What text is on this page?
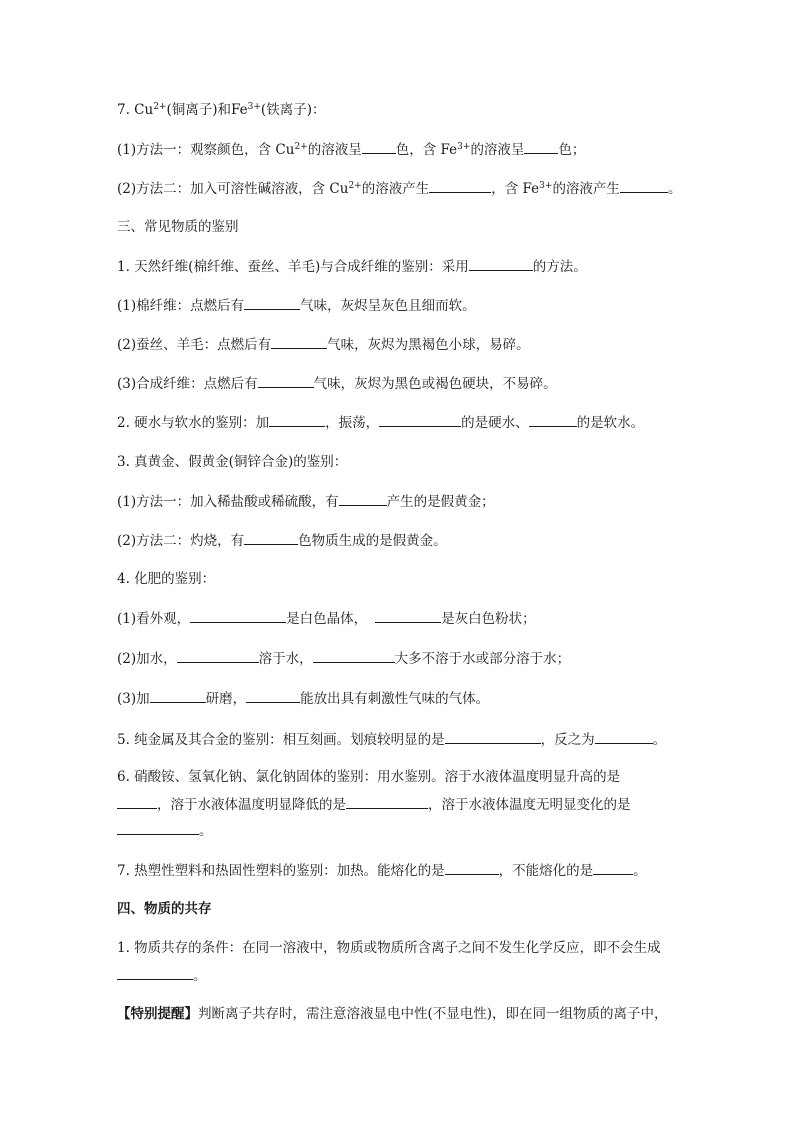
7. $Cu^{2+}$(铜离子)和$Fe^{3+}$(铁离子)：

(1)方法一：观察颜色，含 $Cu^{2+}$的溶液呈	色，含 $Fe^{3+}$的溶液呈	色；

(2)方法二：加入可溶性碱溶液，含 $Cu^{2+}$的溶液产生	，含 $Fe^{3+}$的溶液产生	。

三、常见物质的鉴别

1. 天然纤维(棉纤维、蚕丝、羊毛)与合成纤维的鉴别：采用	的方法。

(1)棉纤维：点燃后有	气味，灰烬呈灰色且细而软。

(2)蚕丝、羊毛：点燃后有	气味，灰烬为黑褐色小球，易碎。

(3)合成纤维：点燃后有	气味，灰烬为黑色或褐色硬块，不易碎。

2. 硬水与软水的鉴别：加	，振荡，	的是硬水、	的是软水。

3. 真黄金、假黄金(铜锌合金)的鉴别：

(1)方法一：加入稀盐酸或稀硫酸，有	产生的是假黄金；

(2)方法二：灼烧，有	色物质生成的是假黄金。

4. 化肥的鉴别：

(1)看外观，	是白色晶体，	是灰白色粉状；

(2)加水，	溶于水，	大多不溶于水或部分溶于水；

(3)加	研磨，	能放出具有刺激性气味的气体。

5. 纯金属及其合金的鉴别：相互刻画。划痕较明显的是	，反之为	。

6. 硝酸铵、氢氧化钠、氯化钠固体的鉴别：用水鉴别。溶于水液体温度明显升高的是

，溶于水液体温度明显降低的是	，溶于水液体温度无明显变化的是

。

7. 热塑性塑料和热固性塑料的鉴别：加热。能熔化的是	，不能熔化的是	。

四、物质的共存

1. 物质共存的条件：在同一溶液中，物质或物质所含离子之间不发生化学反应，即不会生成

。

【特别提醒】判断离子共存时，需注意溶液显电中性(不显电性)，即在同一组物质的离子中，
